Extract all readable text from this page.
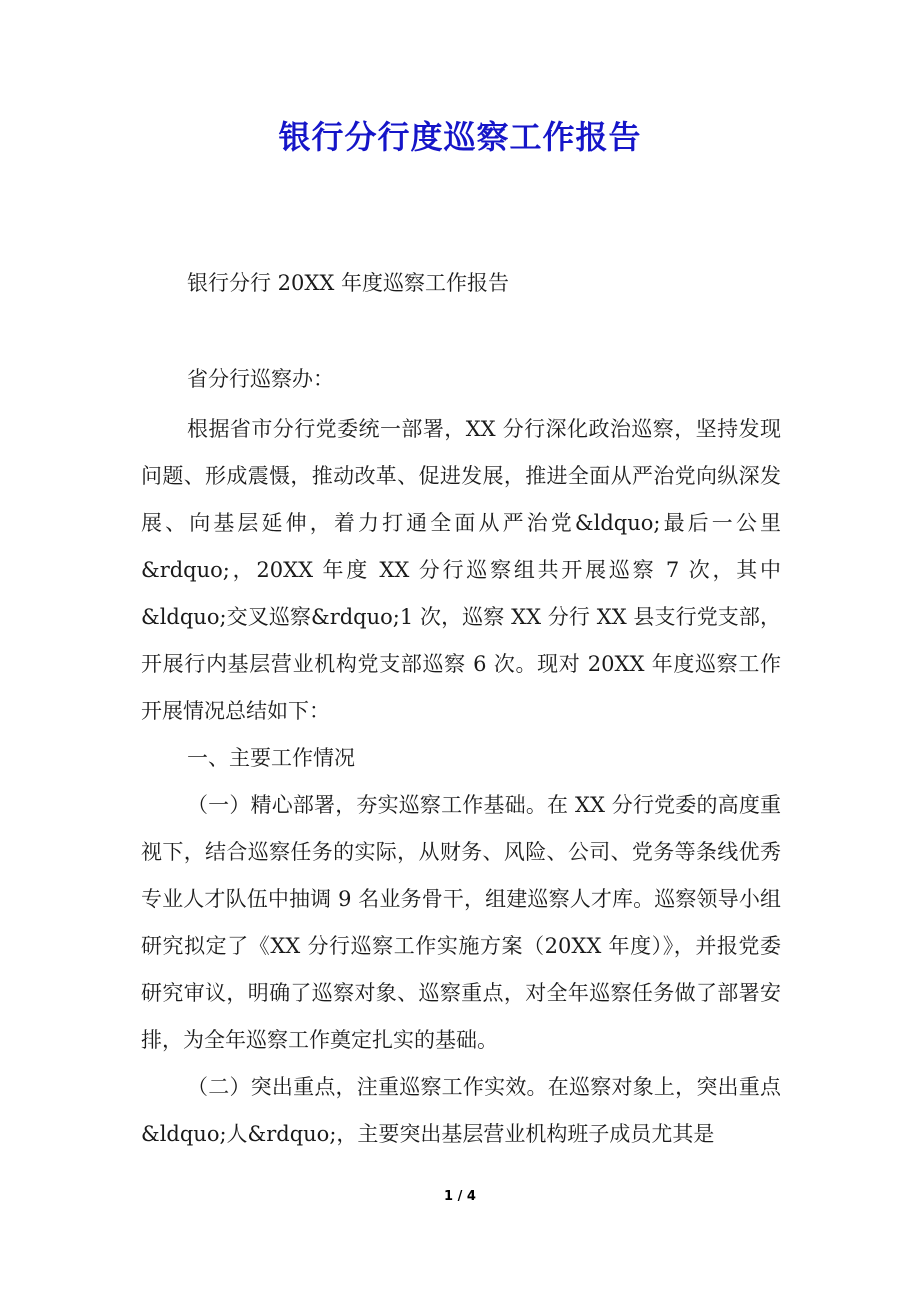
银行分行度巡察工作报告
银行分行 20XX 年度巡察工作报告
省分行巡察办：

根据省市分行党委统一部署，XX 分行深化政治巡察，坚持发现问题、形成震慑，推动改革、促进发展，推进全面从严治党向纵深发展、向基层延伸，着力打通全面从严治党&ldquo;最后一公里&rdquo;，20XX 年度 XX 分行巡察组共开展巡察 7 次，其中&ldquo;交叉巡察&rdquo;1 次，巡察 XX 分行 XX 县支行党支部，开展行内基层营业机构党支部巡察 6 次。现对 20XX 年度巡察工作开展情况总结如下：

一、主要工作情况

（一）精心部署，夯实巡察工作基础。在 XX 分行党委的高度重视下，结合巡察任务的实际，从财务、风险、公司、党务等条线优秀专业人才队伍中抽调 9 名业务骨干，组建巡察人才库。巡察领导小组研究拟定了《XX 分行巡察工作实施方案（20XX 年度）》，并报党委研究审议，明确了巡察对象、巡察重点，对全年巡察任务做了部署安排，为全年巡察工作奠定扎实的基础。

（二）突出重点，注重巡察工作实效。在巡察对象上，突出重点&ldquo;人&rdquo;，主要突出基层营业机构班子成员尤其是

1 / 4
